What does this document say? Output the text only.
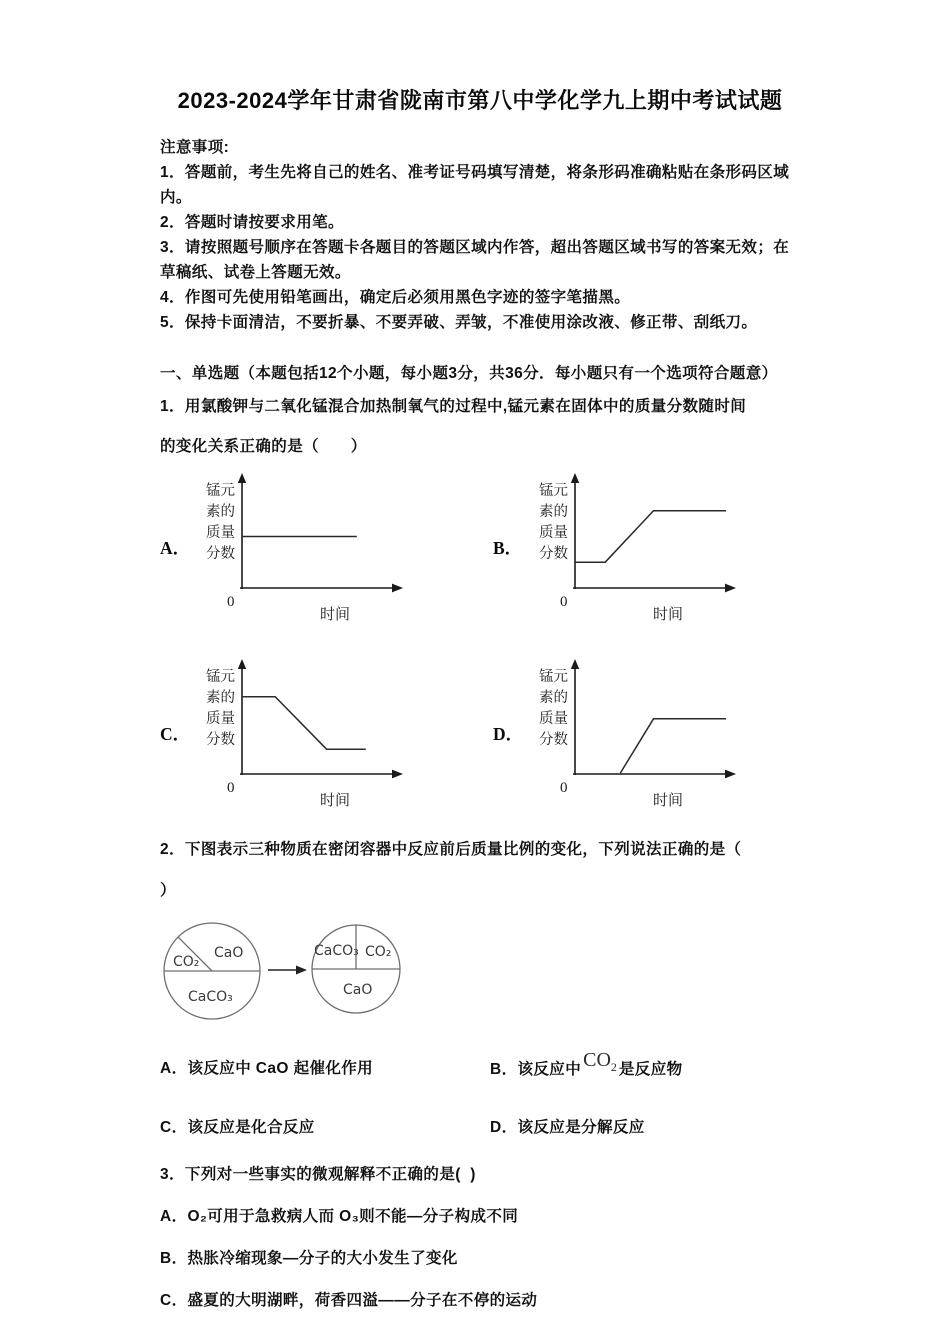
2023-2024学年甘肃省陇南市第八中学化学九上期中考试试题

注意事项:

1．答题前，考生先将自己的姓名、准考证号码填写清楚，将条形码准确粘贴在条形码区域内。

2．答题时请按要求用笔。

3．请按照题号顺序在答题卡各题目的答题区域内作答，超出答题区域书写的答案无效；在草稿纸、试卷上答题无效。

4．作图可先使用铅笔画出，确定后必须用黑色字迹的签字笔描黑。

5．保持卡面清洁，不要折暴、不要弄破、弄皱，不准使用涂改液、修正带、刮纸刀。

一、单选题（本题包括12个小题，每小题3分，共36分．每小题只有一个选项符合题意）

1．用氯酸钾与二氧化锰混合加热制氧气的过程中,锰元素在固体中的质量分数随时间

的变化关系正确的是（　　）

A．
锰元
素的
质量
分数
0
时间
B．
锰元
素的
质量
分数
0
时间
C．
锰元
素的
质量
分数
0
时间
D．
锰元
素的
质量
分数
0
时间

2．下图表示三种物质在密闭容器中反应前后质量比例的变化，下列说法正确的是（

）

CO₂
CaO
CaCO₃
CaCO₃ CO₂
CaO

A．该反应中 CaO 起催化作用	B．该反应中 $CO_2$ 是反应物

C．该反应是化合反应	D．该反应是分解反应

3．下列对一些事实的微观解释不正确的是(  )

A．O₂可用于急救病人而 O₃则不能—分子构成不同

B．热胀冷缩现象—分子的大小发生了变化

C．盛夏的大明湖畔，荷香四溢——分子在不停的运动
